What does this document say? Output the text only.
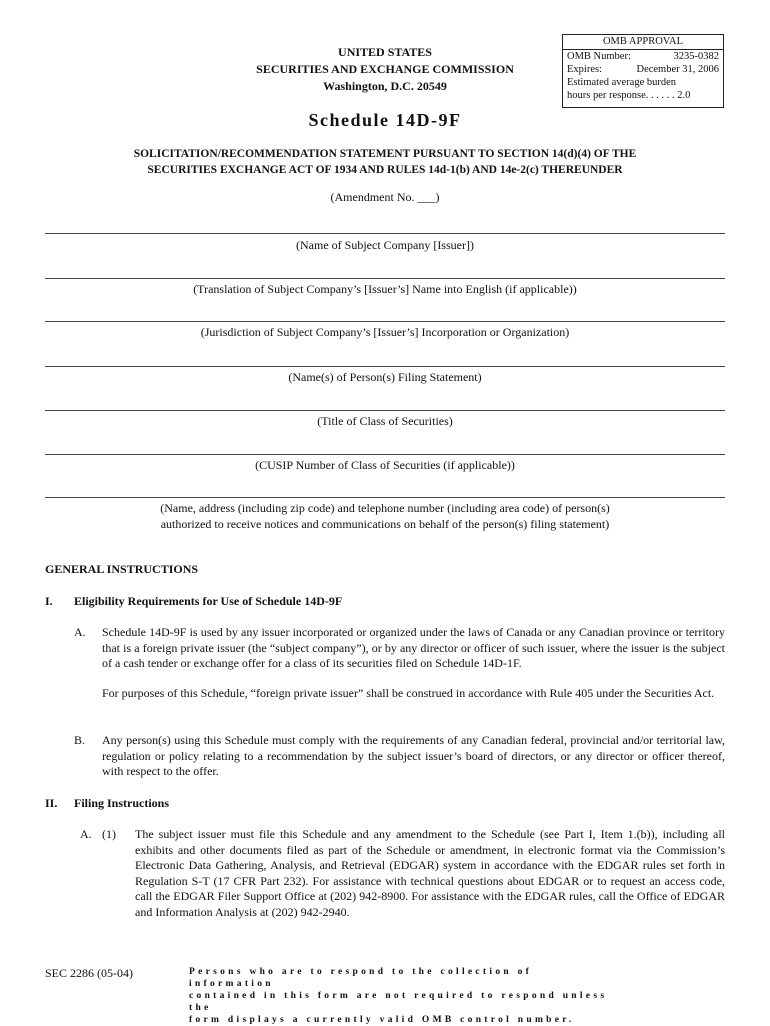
OMB APPROVAL
OMB Number:	3235-0382
Expires:	December 31, 2006
Estimated average burden
hours per response. . . . . . 2.0
UNITED STATES
SECURITIES AND EXCHANGE COMMISSION
Washington, D.C. 20549
Schedule 14D-9F
SOLICITATION/RECOMMENDATION STATEMENT PURSUANT TO SECTION 14(d)(4) OF THE
SECURITIES EXCHANGE ACT OF 1934 AND RULES 14d-1(b) AND 14e-2(c) THEREUNDER
(Amendment No. ___)
(Name of Subject Company [Issuer])
(Translation of Subject Company’s [Issuer’s] Name into English (if applicable))
(Jurisdiction of Subject Company’s [Issuer’s] Incorporation or Organization)
(Name(s) of Person(s) Filing Statement)
(Title of Class of Securities)
(CUSIP Number of Class of Securities (if applicable))
(Name, address (including zip code) and telephone number (including area code) of person(s)
authorized to receive notices and communications on behalf of the person(s) filing statement)
GENERAL INSTRUCTIONS
I. Eligibility Requirements for Use of Schedule 14D-9F
A. Schedule 14D-9F is used by any issuer incorporated or organized under the laws of Canada or any Canadian province or territory that is a foreign private issuer (the “subject company”), or by any director or officer of such issuer, where the issuer is the subject of a cash tender or exchange offer for a class of its securities filed on Schedule 14D-1F.
For purposes of this Schedule, “foreign private issuer” shall be construed in accordance with Rule 405 under the Securities Act.
B. Any person(s) using this Schedule must comply with the requirements of any Canadian federal, provincial and/or territorial law, regulation or policy relating to a recommendation by the subject issuer’s board of directors, or any director or officer thereof, with respect to the offer.
II. Filing Instructions
A. (1) The subject issuer must file this Schedule and any amendment to the Schedule (see Part I, Item 1.(b)), including all exhibits and other documents filed as part of the Schedule or amendment, in electronic format via the Commission’s Electronic Data Gathering, Analysis, and Retrieval (EDGAR) system in accordance with the EDGAR rules set forth in Regulation S-T (17 CFR Part 232). For assistance with technical questions about EDGAR or to request an access code, call the EDGAR Filer Support Office at (202) 942-8900. For assistance with the EDGAR rules, call the Office of EDGAR and Information Analysis at (202) 942-2940.
SEC 2286 (05-04)	Persons who are to respond to the collection of information
contained in this form are not required to respond unless the
form displays a currently valid OMB control number.
